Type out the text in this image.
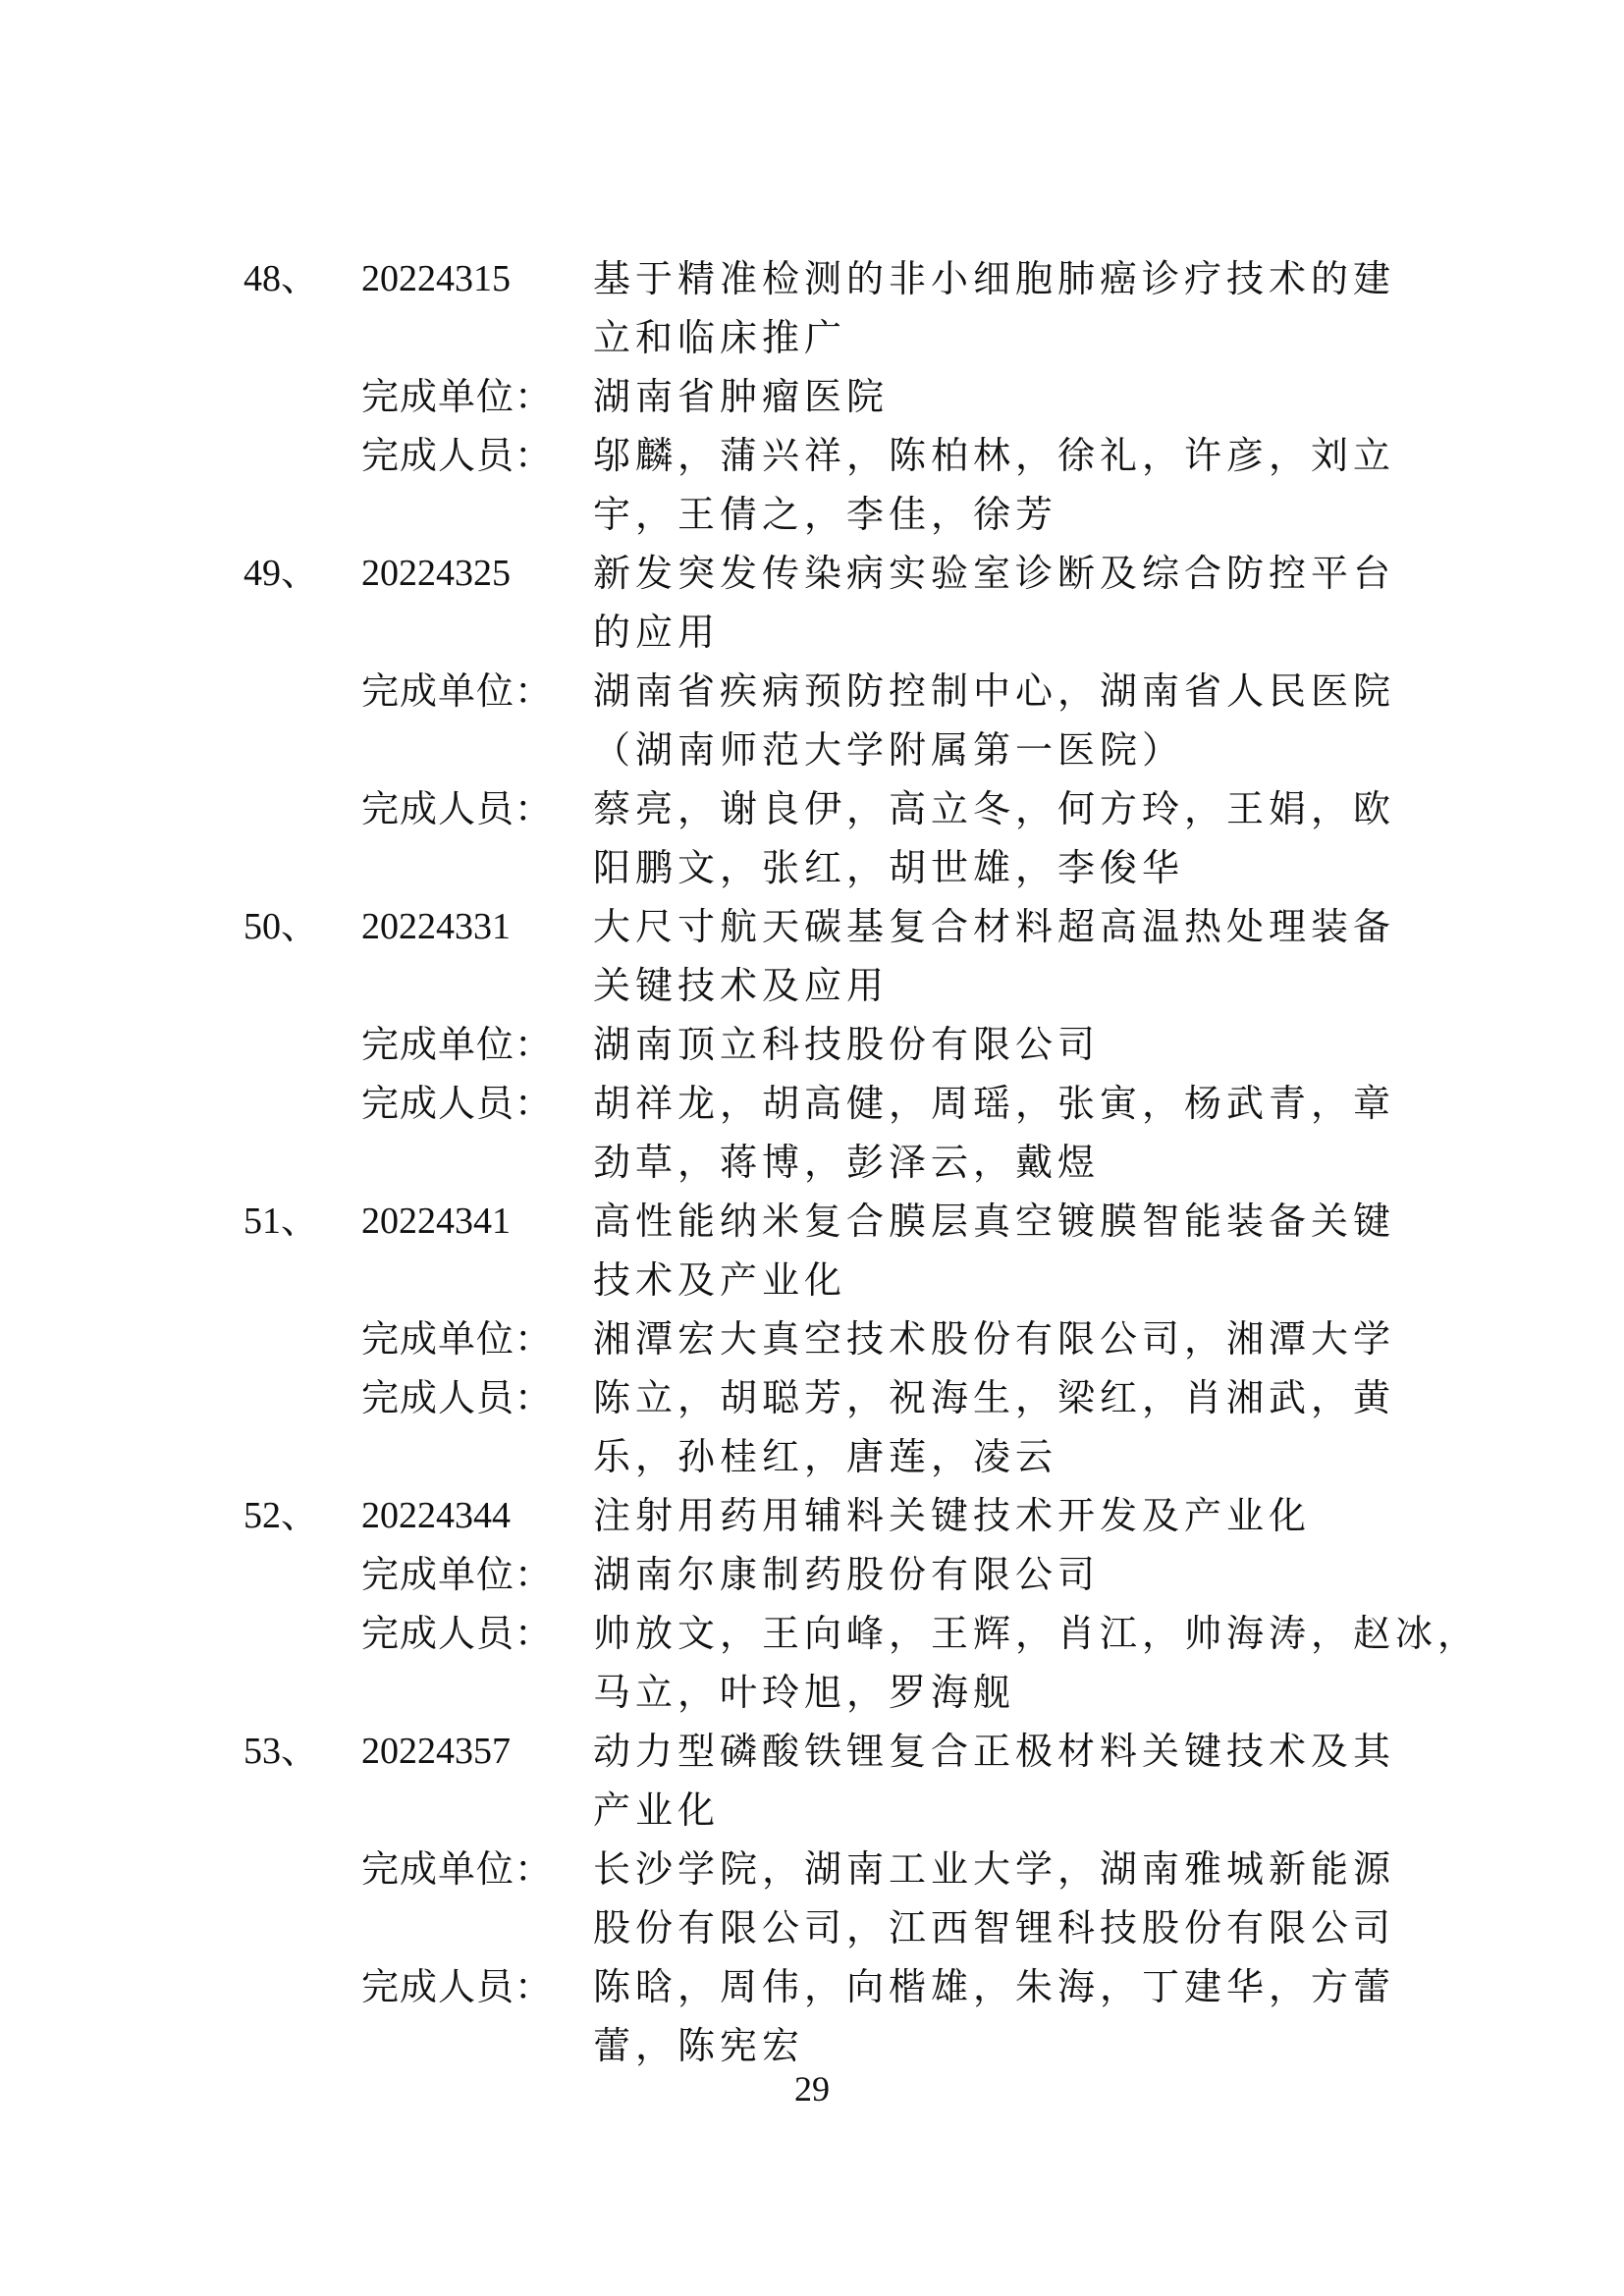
48、	20224315	基于精准检测的非小细胞肺癌诊疗技术的建
立和临床推广
完成单位：	湖南省肿瘤医院
完成人员：	邬麟，蒲兴祥，陈柏林，徐礼，许彦，刘立
宇，王倩之，李佳，徐芳
49、	20224325	新发突发传染病实验室诊断及综合防控平台
的应用
完成单位：	湖南省疾病预防控制中心，湖南省人民医院
（湖南师范大学附属第一医院）
完成人员：	蔡亮，谢良伊，高立冬，何方玲，王娟，欧
阳鹏文，张红，胡世雄，李俊华
50、	20224331	大尺寸航天碳基复合材料超高温热处理装备
关键技术及应用
完成单位：	湖南顶立科技股份有限公司
完成人员：	胡祥龙，胡高健，周瑶，张寅，杨武青，章
劲草，蒋博，彭泽云，戴煜
51、	20224341	高性能纳米复合膜层真空镀膜智能装备关键
技术及产业化
完成单位：	湘潭宏大真空技术股份有限公司，湘潭大学
完成人员：	陈立，胡聪芳，祝海生，梁红，肖湘武，黄
乐，孙桂红，唐莲，凌云
52、	20224344	注射用药用辅料关键技术开发及产业化
完成单位：	湖南尔康制药股份有限公司
完成人员：	帅放文，王向峰，王辉，肖江，帅海涛，赵冰，
马立，叶玲旭，罗海舰
53、	20224357	动力型磷酸铁锂复合正极材料关键技术及其
产业化
完成单位：	长沙学院，湖南工业大学，湖南雅城新能源
股份有限公司，江西智锂科技股份有限公司
完成人员：	陈晗，周伟，向楷雄，朱海，丁建华，方蕾
蕾，陈宪宏
29
